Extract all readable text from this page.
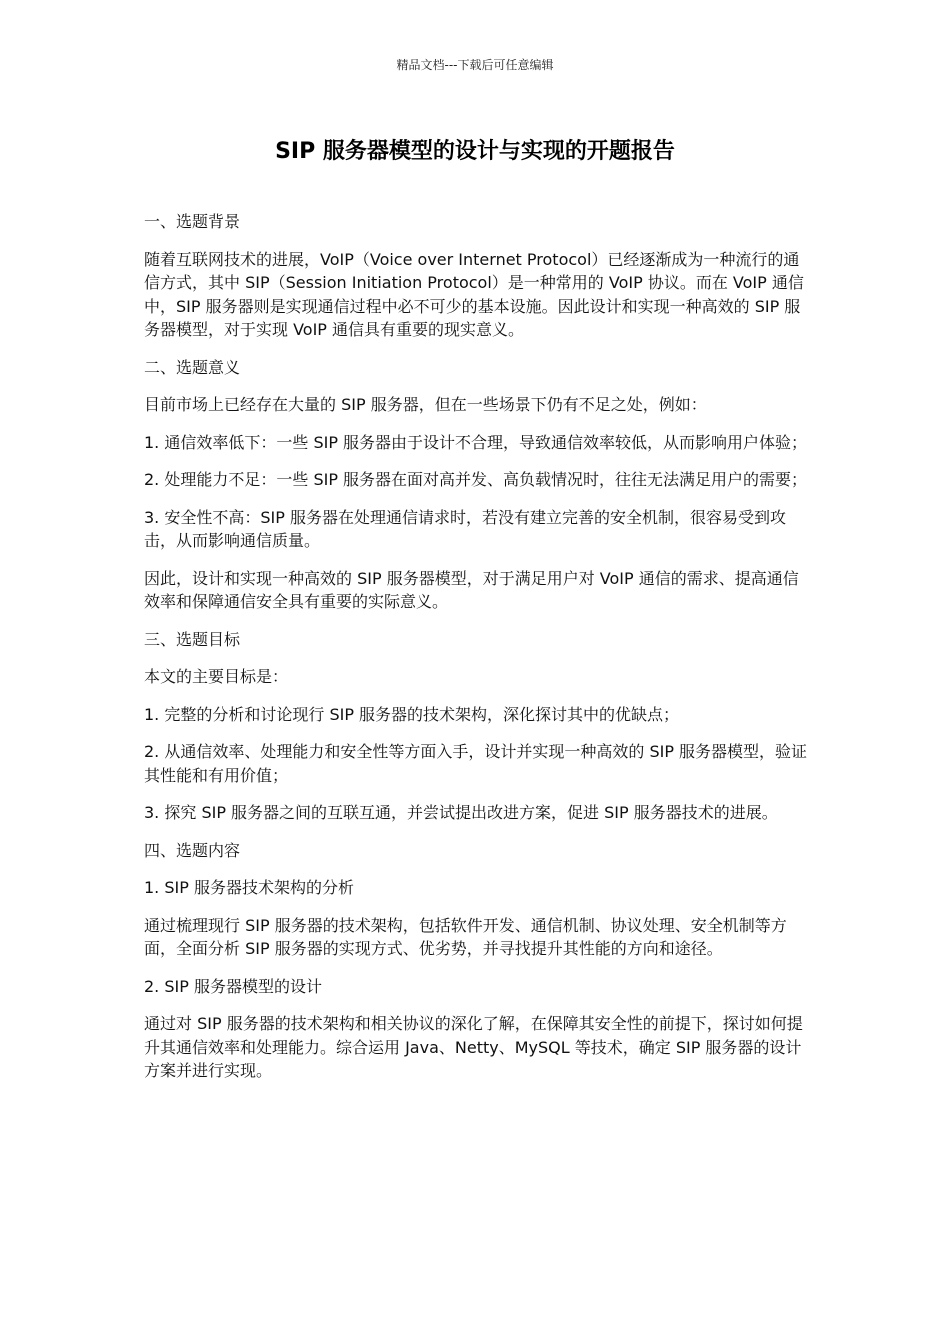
精品文档---下载后可任意编辑
SIP 服务器模型的设计与实现的开题报告

一、选题背景

随着互联网技术的进展，VoIP（Voice over Internet Protocol）已经逐渐成为一种流行的通信方式，其中 SIP（Session Initiation Protocol）是一种常用的 VoIP 协议。而在 VoIP 通信中，SIP 服务器则是实现通信过程中必不可少的基本设施。因此设计和实现一种高效的 SIP 服务器模型，对于实现 VoIP 通信具有重要的现实意义。

二、选题意义

目前市场上已经存在大量的 SIP 服务器，但在一些场景下仍有不足之处，例如：

1. 通信效率低下：一些 SIP 服务器由于设计不合理，导致通信效率较低，从而影响用户体验；

2. 处理能力不足：一些 SIP 服务器在面对高并发、高负载情况时，往往无法满足用户的需要；

3. 安全性不高：SIP 服务器在处理通信请求时，若没有建立完善的安全机制，很容易受到攻击，从而影响通信质量。

因此，设计和实现一种高效的 SIP 服务器模型，对于满足用户对 VoIP 通信的需求、提高通信效率和保障通信安全具有重要的实际意义。

三、选题目标

本文的主要目标是：

1. 完整的分析和讨论现行 SIP 服务器的技术架构，深化探讨其中的优缺点；

2. 从通信效率、处理能力和安全性等方面入手，设计并实现一种高效的 SIP 服务器模型，验证其性能和有用价值；

3. 探究 SIP 服务器之间的互联互通，并尝试提出改进方案，促进 SIP 服务器技术的进展。

四、选题内容

1. SIP 服务器技术架构的分析

通过梳理现行 SIP 服务器的技术架构，包括软件开发、通信机制、协议处理、安全机制等方面，全面分析 SIP 服务器的实现方式、优劣势，并寻找提升其性能的方向和途径。

2. SIP 服务器模型的设计

通过对 SIP 服务器的技术架构和相关协议的深化了解，在保障其安全性的前提下，探讨如何提升其通信效率和处理能力。综合运用 Java、Netty、MySQL 等技术，确定 SIP 服务器的设计方案并进行实现。
